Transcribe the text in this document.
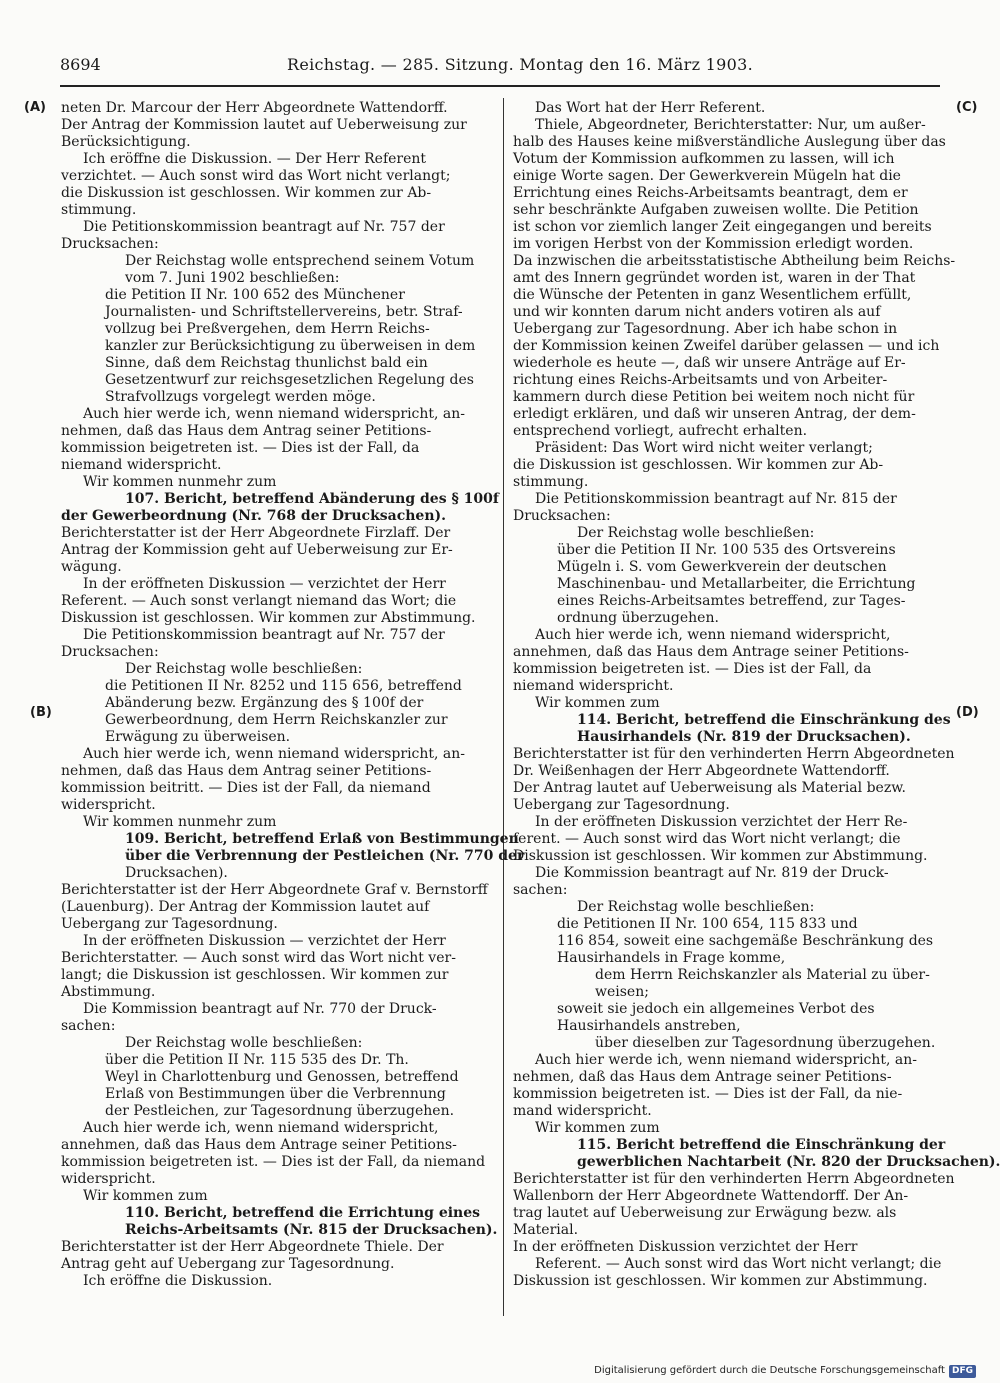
8694	Reichstag. — 285. Sitzung. Montag den 16. März 1903.
(A)
(B)
(C)
(D)
neten Dr. Marcour der Herr Abgeordnete Wattendorff.
Der Antrag der Kommission lautet auf Ueberweisung zur
Berücksichtigung.
Ich eröffne die Diskussion. — Der Herr Referent
verzichtet. — Auch sonst wird das Wort nicht verlangt;
die Diskussion ist geschlossen. Wir kommen zur Ab-
stimmung.
Die Petitionskommission beantragt auf Nr. 757 der
Drucksachen:
Der Reichstag wolle entsprechend seinem Votum
vom 7. Juni 1902 beschließen:
die Petition II Nr. 100 652 des Münchener
Journalisten- und Schriftstellervereins, betr. Straf-
vollzug bei Preßvergehen, dem Herrn Reichs-
kanzler zur Berücksichtigung zu überweisen in dem
Sinne, daß dem Reichstag thunlichst bald ein
Gesetzentwurf zur reichsgesetzlichen Regelung des
Strafvollzugs vorgelegt werden möge.
Auch hier werde ich, wenn niemand widerspricht, an-
nehmen, daß das Haus dem Antrag seiner Petitions-
kommission beigetreten ist. — Dies ist der Fall, da
niemand widerspricht.
Wir kommen nunmehr zum
107. Bericht, betreffend Abänderung des § 100f
der Gewerbeordnung (Nr. 768 der Drucksachen).
Berichterstatter ist der Herr Abgeordnete Firzlaff. Der
Antrag der Kommission geht auf Ueberweisung zur Er-
wägung.
In der eröffneten Diskussion — verzichtet der Herr
Referent. — Auch sonst verlangt niemand das Wort; die
Diskussion ist geschlossen. Wir kommen zur Abstimmung.
Die Petitionskommission beantragt auf Nr. 757 der
Drucksachen:
Der Reichstag wolle beschließen:
die Petitionen II Nr. 8252 und 115 656, betreffend
Abänderung bezw. Ergänzung des § 100f der
Gewerbeordnung, dem Herrn Reichskanzler zur
Erwägung zu überweisen.
Auch hier werde ich, wenn niemand widerspricht, an-
nehmen, daß das Haus dem Antrag seiner Petitions-
kommission beitritt. — Dies ist der Fall, da niemand
widerspricht.
Wir kommen nunmehr zum
109. Bericht, betreffend Erlaß von Bestimmungen
über die Verbrennung der Pestleichen (Nr. 770 der
Drucksachen).
Berichterstatter ist der Herr Abgeordnete Graf v. Bernstorff
(Lauenburg). Der Antrag der Kommission lautet auf
Uebergang zur Tagesordnung.
In der eröffneten Diskussion — verzichtet der Herr
Berichterstatter. — Auch sonst wird das Wort nicht ver-
langt; die Diskussion ist geschlossen. Wir kommen zur
Abstimmung.
Die Kommission beantragt auf Nr. 770 der Druck-
sachen:
Der Reichstag wolle beschließen:
über die Petition II Nr. 115 535 des Dr. Th.
Weyl in Charlottenburg und Genossen, betreffend
Erlaß von Bestimmungen über die Verbrennung
der Pestleichen, zur Tagesordnung überzugehen.
Auch hier werde ich, wenn niemand widerspricht,
annehmen, daß das Haus dem Antrage seiner Petitions-
kommission beigetreten ist. — Dies ist der Fall, da niemand
widerspricht.
Wir kommen zum
110. Bericht, betreffend die Errichtung eines
Reichs-Arbeitsamts (Nr. 815 der Drucksachen).
Berichterstatter ist der Herr Abgeordnete Thiele. Der
Antrag geht auf Uebergang zur Tagesordnung.
Ich eröffne die Diskussion.
Das Wort hat der Herr Referent.
Thiele, Abgeordneter, Berichterstatter: Nur, um außer-
halb des Hauses keine mißverständliche Auslegung über das
Votum der Kommission aufkommen zu lassen, will ich
einige Worte sagen. Der Gewerkverein Mügeln hat die
Errichtung eines Reichs-Arbeitsamts beantragt, dem er
sehr beschränkte Aufgaben zuweisen wollte. Die Petition
ist schon vor ziemlich langer Zeit eingegangen und bereits
im vorigen Herbst von der Kommission erledigt worden.
Da inzwischen die arbeitsstatistische Abtheilung beim Reichs-
amt des Innern gegründet worden ist, waren in der That
die Wünsche der Petenten in ganz Wesentlichem erfüllt,
und wir konnten darum nicht anders votiren als auf
Uebergang zur Tagesordnung. Aber ich habe schon in
der Kommission keinen Zweifel darüber gelassen — und ich
wiederhole es heute —, daß wir unsere Anträge auf Er-
richtung eines Reichs-Arbeitsamts und von Arbeiter-
kammern durch diese Petition bei weitem noch nicht für
erledigt erklären, und daß wir unseren Antrag, der dem-
entsprechend vorliegt, aufrecht erhalten.
Präsident: Das Wort wird nicht weiter verlangt;
die Diskussion ist geschlossen. Wir kommen zur Ab-
stimmung.
Die Petitionskommission beantragt auf Nr. 815 der
Drucksachen:
Der Reichstag wolle beschließen:
über die Petition II Nr. 100 535 des Ortsvereins
Mügeln i. S. vom Gewerkverein der deutschen
Maschinenbau- und Metallarbeiter, die Errichtung
eines Reichs-Arbeitsamtes betreffend, zur Tages-
ordnung überzugehen.
Auch hier werde ich, wenn niemand widerspricht,
annehmen, daß das Haus dem Antrage seiner Petitions-
kommission beigetreten ist. — Dies ist der Fall, da
niemand widerspricht.
Wir kommen zum
114. Bericht, betreffend die Einschränkung des
Hausirhandels (Nr. 819 der Drucksachen).
Berichterstatter ist für den verhinderten Herrn Abgeordneten
Dr. Weißenhagen der Herr Abgeordnete Wattendorff.
Der Antrag lautet auf Ueberweisung als Material bezw.
Uebergang zur Tagesordnung.
In der eröffneten Diskussion verzichtet der Herr Re-
ferent. — Auch sonst wird das Wort nicht verlangt; die
Diskussion ist geschlossen. Wir kommen zur Abstimmung.
Die Kommission beantragt auf Nr. 819 der Druck-
sachen:
Der Reichstag wolle beschließen:
die Petitionen II Nr. 100 654, 115 833 und
116 854, soweit eine sachgemäße Beschränkung des
Hausirhandels in Frage komme,
dem Herrn Reichskanzler als Material zu über-
weisen;
soweit sie jedoch ein allgemeines Verbot des
Hausirhandels anstreben,
über dieselben zur Tagesordnung überzugehen.
Auch hier werde ich, wenn niemand widerspricht, an-
nehmen, daß das Haus dem Antrage seiner Petitions-
kommission beigetreten ist. — Dies ist der Fall, da nie-
mand widerspricht.
Wir kommen zum
115. Bericht betreffend die Einschränkung der
gewerblichen Nachtarbeit (Nr. 820 der Drucksachen).
Berichterstatter ist für den verhinderten Herrn Abgeordneten
Wallenborn der Herr Abgeordnete Wattendorff. Der An-
trag lautet auf Ueberweisung zur Erwägung bezw. als
Material.
In der eröffneten Diskussion verzichtet der Herr
Referent. — Auch sonst wird das Wort nicht verlangt; die
Diskussion ist geschlossen. Wir kommen zur Abstimmung.
Digitalisierung gefördert durch die Deutsche Forschungsgemeinschaft DFG
